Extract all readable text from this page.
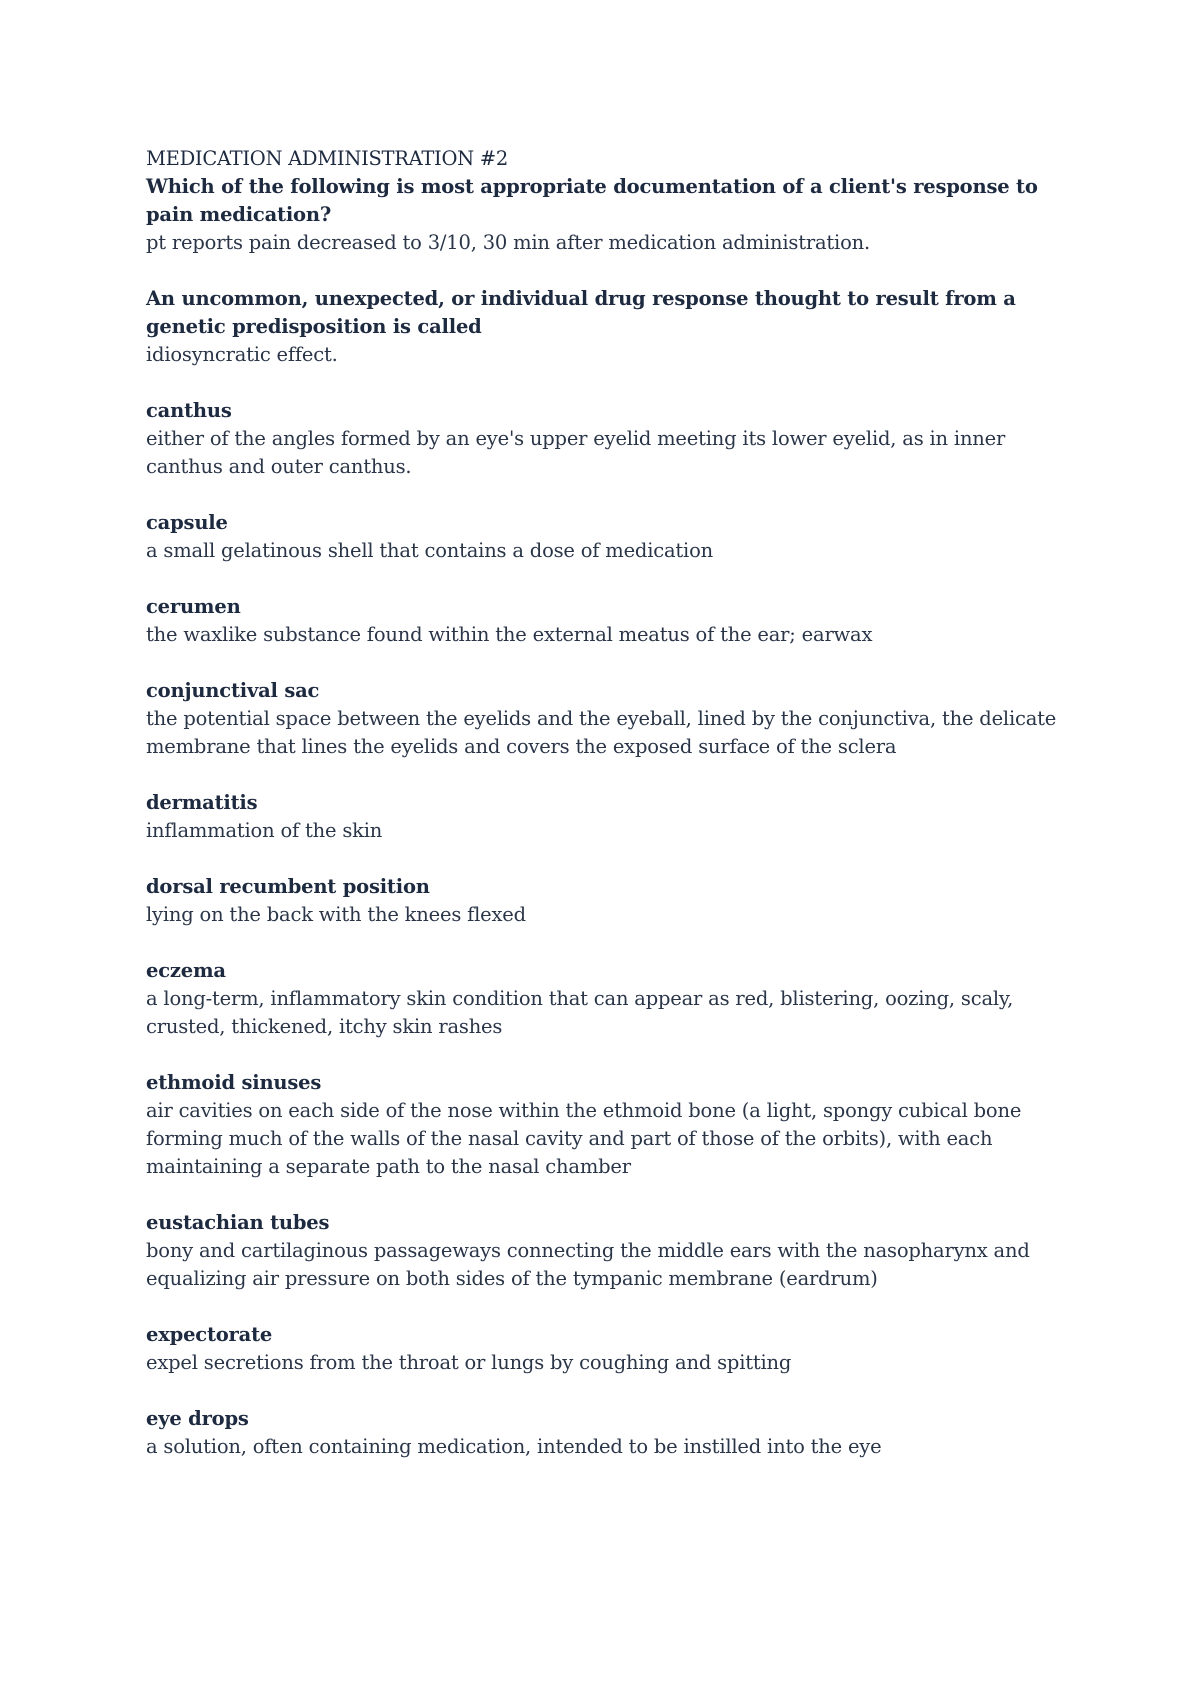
MEDICATION ADMINISTRATION #2

Which of the following is most appropriate documentation of a client's response to pain medication?
pt reports pain decreased to 3/10, 30 min after medication administration.
An uncommon, unexpected, or individual drug response thought to result from a genetic predisposition is called
idiosyncratic effect.
canthus
either of the angles formed by an eye's upper eyelid meeting its lower eyelid, as in inner canthus and outer canthus.
capsule
a small gelatinous shell that contains a dose of medication
cerumen
the waxlike substance found within the external meatus of the ear; earwax
conjunctival sac
the potential space between the eyelids and the eyeball, lined by the conjunctiva, the delicate membrane that lines the eyelids and covers the exposed surface of the sclera
dermatitis
inflammation of the skin
dorsal recumbent position
lying on the back with the knees flexed
eczema
a long-term, inflammatory skin condition that can appear as red, blistering, oozing, scaly, crusted, thickened, itchy skin rashes
ethmoid sinuses
air cavities on each side of the nose within the ethmoid bone (a light, spongy cubical bone forming much of the walls of the nasal cavity and part of those of the orbits), with each maintaining a separate path to the nasal chamber
eustachian tubes
bony and cartilaginous passageways connecting the middle ears with the nasopharynx and equalizing air pressure on both sides of the tympanic membrane (eardrum)
expectorate
expel secretions from the throat or lungs by coughing and spitting
eye drops
a solution, often containing medication, intended to be instilled into the eye
